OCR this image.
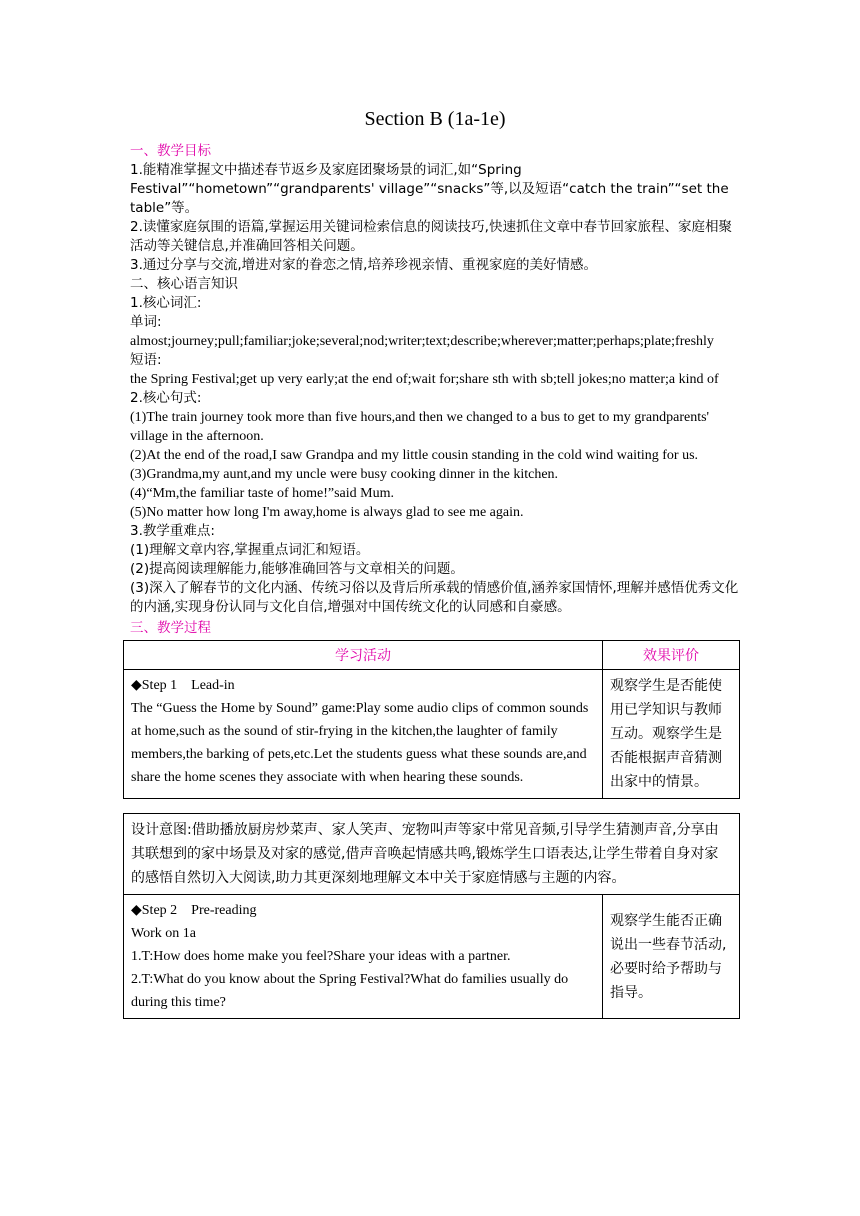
Section B (1a-1e)

一、教学目标

1.能精准掌握文中描述春节返乡及家庭团聚场景的词汇,如“Spring Festival”“hometown”“grandparents' village”“snacks”等,以及短语“catch the train”“set the table”等。

2.读懂家庭氛围的语篇,掌握运用关键词检索信息的阅读技巧,快速抓住文章中春节回家旅程、家庭相聚活动等关键信息,并准确回答相关问题。

3.通过分享与交流,增进对家的眷恋之情,培养珍视亲情、重视家庭的美好情感。

二、核心语言知识

1.核心词汇:

单词:

almost;journey;pull;familiar;joke;several;nod;writer;text;describe;wherever;matter;perhaps;plate;freshly

短语:

the Spring Festival;get up very early;at the end of;wait for;share sth with sb;tell jokes;no matter;a kind of

2.核心句式:

(1)The train journey took more than five hours,and then we changed to a bus to get to my grandparents' village in the afternoon.

(2)At the end of the road,I saw Grandpa and my little cousin standing in the cold wind waiting for us.

(3)Grandma,my aunt,and my uncle were busy cooking dinner in the kitchen.

(4)“Mm,the familiar taste of home!”said Mum.

(5)No matter how long I'm away,home is always glad to see me again.

3.教学重难点:

(1)理解文章内容,掌握重点词汇和短语。

(2)提高阅读理解能力,能够准确回答与文章相关的问题。

(3)深入了解春节的文化内涵、传统习俗以及背后所承载的情感价值,涵养家国情怀,理解并感悟优秀文化的内涵,实现身份认同与文化自信,增强对中国传统文化的认同感和自豪感。

三、教学过程

学习活动	效果评价

◆Step 1　Lead-in
The “Guess the Home by Sound” game:Play some audio clips of common sounds at home,such as the sound of stir-frying in the kitchen,the laughter of family members,the barking of pets,etc.Let the students guess what these sounds are,and share the home scenes they associate with when hearing these sounds.	观察学生是否能使用已学知识与教师互动。观察学生是否能根据声音猜测出家中的情景。
设计意图:借助播放厨房炒菜声、家人笑声、宠物叫声等家中常见音频,引导学生猜测声音,分享由其联想到的家中场景及对家的感觉,借声音唤起情感共鸣,锻炼学生口语表达,让学生带着自身对家的感悟自然切入大阅读,助力其更深刻地理解文本中关于家庭情感与主题的内容。

◆Step 2　Pre-reading
Work on 1a
1.T:How does home make you feel?Share your ideas with a partner.
2.T:What do you know about the Spring Festival?What do families usually do during this time?
	观察学生能否正确说出一些春节活动,必要时给予帮助与指导。
